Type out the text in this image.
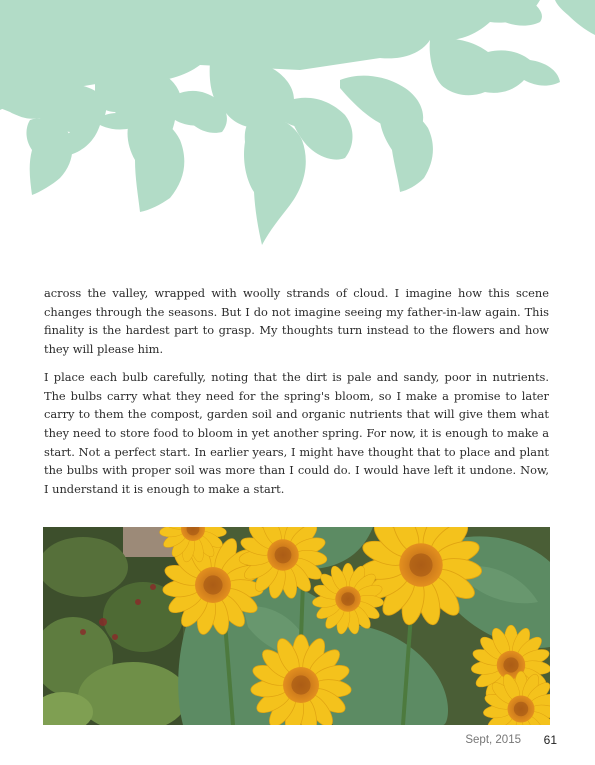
across the valley, wrapped with woolly strands of cloud. I imagine how this scene changes through the seasons. But I do not imagine seeing my father-in-law again. This finality is the hardest part to grasp. My thoughts turn instead to the flowers and how they will please him.

I place each bulb carefully, noting that the dirt is pale and sandy, poor in nutrients. The bulbs carry what they need for the spring's bloom, so I make a promise to later carry to them the compost, garden soil and organic nutrients that will give them what they need to store food to bloom in yet another spring. For now, it is enough to make a start. Not a perfect start. In earlier years, I might have thought that to place and plant the bulbs with proper soil was more than I could do. I would have left it undone. Now, I understand it is enough to make a start.

Sept, 2015 61
